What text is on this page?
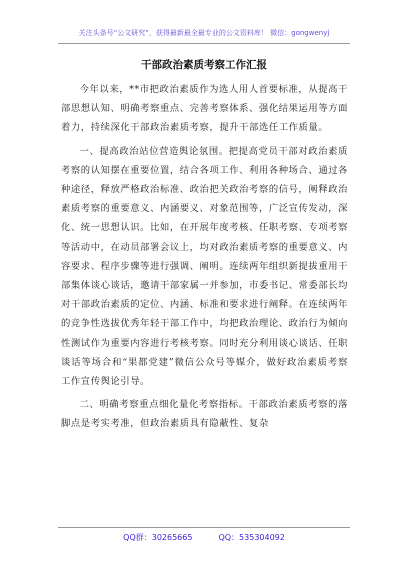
关注头条号“公文研究”，获得最新最全最专业的公文资料库！ 微信：gongwenyj
干部政治素质考察工作汇报

今年以来，**市把政治素质作为选人用人首要标准，从提高干部思想认知、明确考察重点、完善考察体系、强化结果运用等方面着力，持续深化干部政治素质考察，提升干部选任工作质量。

一、提高政治站位营造舆论氛围。把提高党员干部对政治素质考察的认知摆在重要位置，结合各项工作、利用各种场合、通过各种途径，释放严格政治标准、政治把关政治考察的信号，阐释政治素质考察的重要意义、内涵要义、对象范围等，广泛宣传发动，深化、统一思想认识。比如，在开展年度考核、任职考察、专项考察等活动中，在动员部署会议上，均对政治素质考察的重要意义、内容要求、程序步骤等进行强调、阐明。连续两年组织新提拔重用干部集体谈心谈话，邀请干部家属一并参加，市委书记、常委部长均对干部政治素质的定位、内涵、标准和要求进行阐释。在连续两年的竞争性选拔优秀年轻干部工作中，均把政治理论、政治行为倾向性测试作为重要内容进行考核考察。同时充分利用谈心谈话、任职谈话等场合和“果都党建”微信公众号等媒介，做好政治素质考察工作宣传舆论引导。

二、明确考察重点细化量化考察指标。干部政治素质考察的落脚点是考实考准，但政治素质具有隐蔽性、复杂

QQ群：30265665	QQ：535304092
